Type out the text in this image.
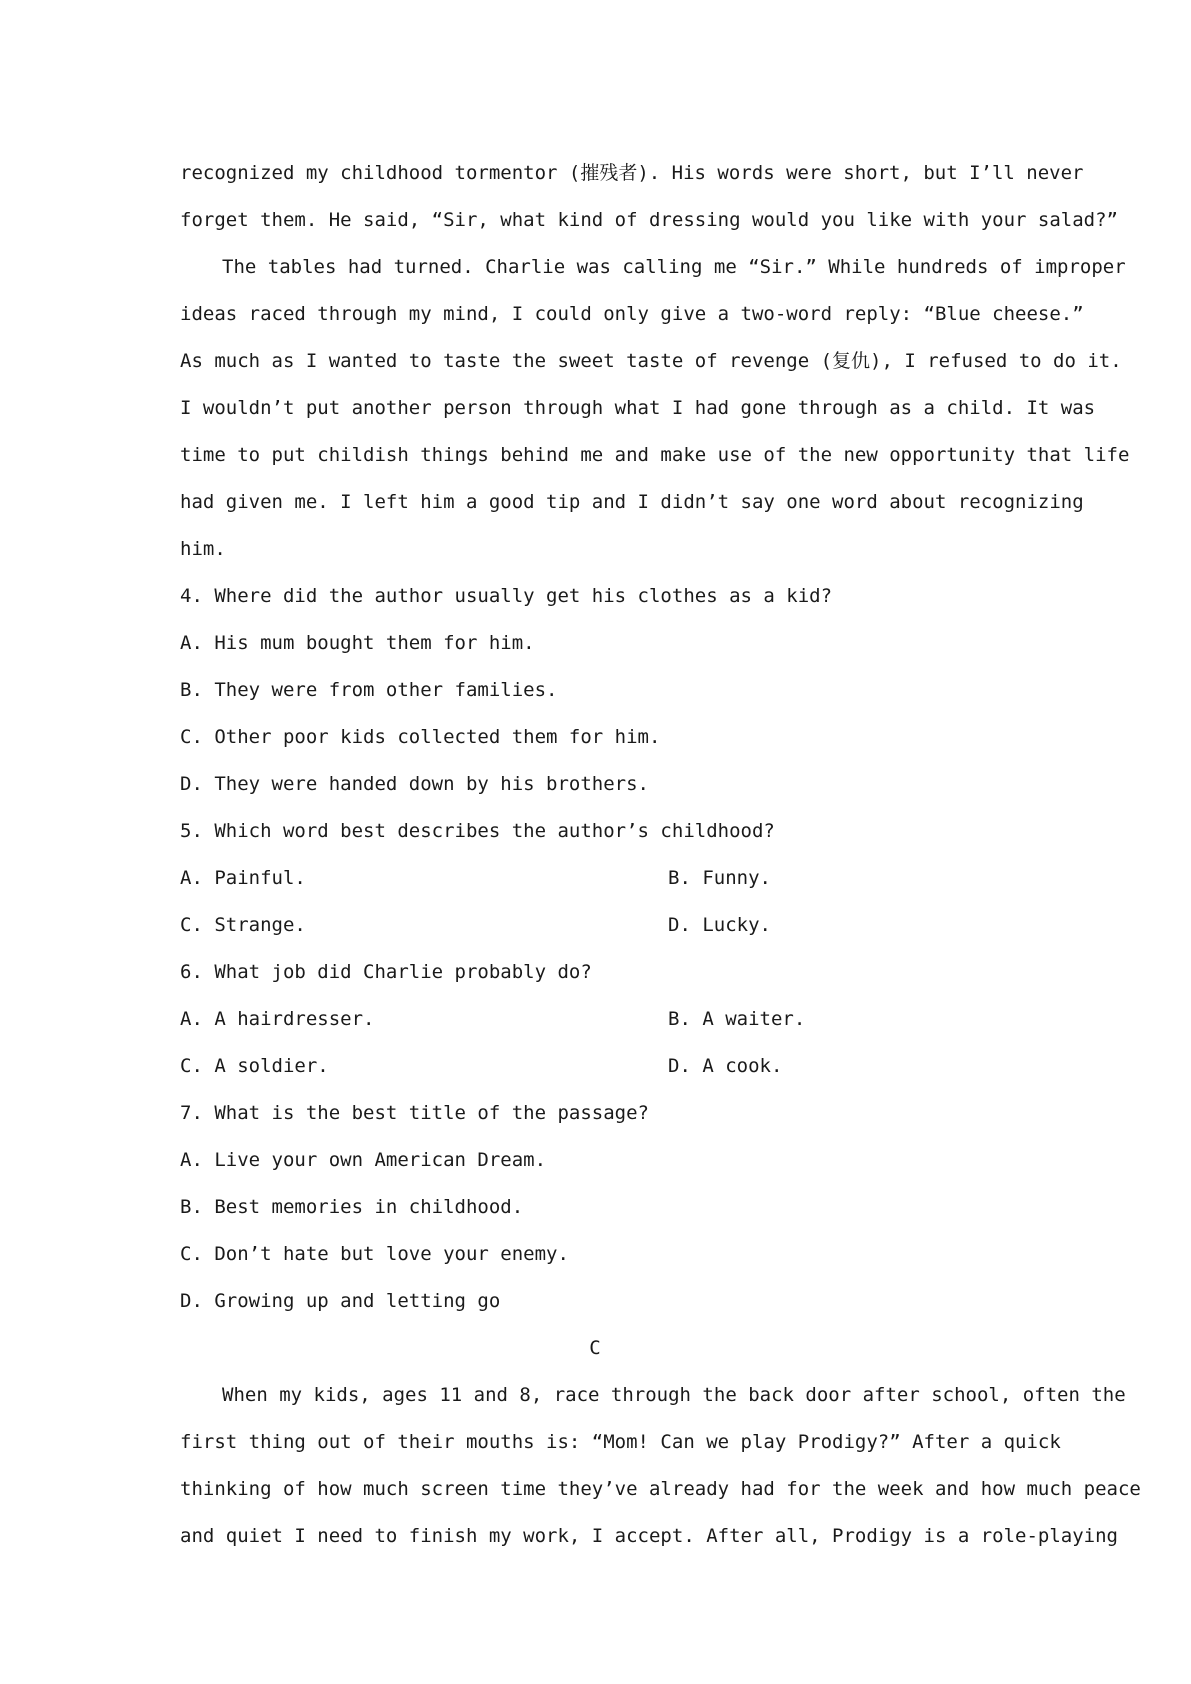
recognized my childhood tormentor (摧残者). His words were short, but I’ll never
forget them. He said, “Sir, what kind of dressing would you like with your salad?”
The tables had turned. Charlie was calling me “Sir.” While hundreds of improper
ideas raced through my mind, I could only give a two-word reply: “Blue cheese.”
As much as I wanted to taste the sweet taste of revenge (复仇), I refused to do it.
I wouldn’t put another person through what I had gone through as a child. It was
time to put childish things behind me and make use of the new opportunity that life
had given me. I left him a good tip and I didn’t say one word about recognizing
him.
4. Where did the author usually get his clothes as a kid?
A. His mum bought them for him.
B. They were from other families.
C. Other poor kids collected them for him.
D. They were handed down by his brothers.
5. Which word best describes the author’s childhood?
A. Painful.	B. Funny.
C. Strange.	D. Lucky.
6. What job did Charlie probably do?
A. A hairdresser.	B. A waiter.
C. A soldier.	D. A cook.
7. What is the best title of the passage?
A. Live your own American Dream.
B. Best memories in childhood.
C. Don’t hate but love your enemy.
D. Growing up and letting go
C
When my kids, ages 11 and 8, race through the back door after school, often the
first thing out of their mouths is: “Mom! Can we play Prodigy?” After a quick
thinking of how much screen time they’ve already had for the week and how much peace
and quiet I need to finish my work, I accept. After all, Prodigy is a role-playing
